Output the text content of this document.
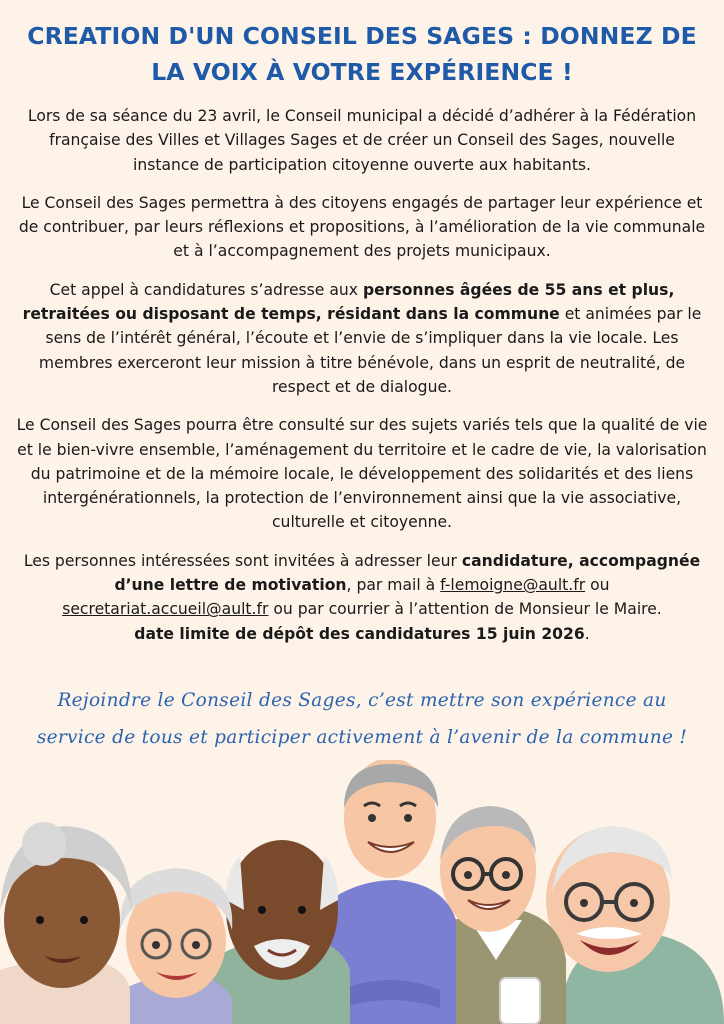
CREATION D'UN CONSEIL DES SAGES : DONNEZ DE LA VOIX À VOTRE EXPÉRIENCE !

Lors de sa séance du 23 avril, le Conseil municipal a décidé d’adhérer à la Fédération française des Villes et Villages Sages et de créer un Conseil des Sages, nouvelle instance de participation citoyenne ouverte aux habitants.

Le Conseil des Sages permettra à des citoyens engagés de partager leur expérience et de contribuer, par leurs réflexions et propositions, à l’amélioration de la vie communale et à l’accompagnement des projets municipaux.

Cet appel à candidatures s’adresse aux personnes âgées de 55 ans et plus, retraitées ou disposant de temps, résidant dans la commune et animées par le sens de l’intérêt général, l’écoute et l’envie de s’impliquer dans la vie locale. Les membres exerceront leur mission à titre bénévole, dans un esprit de neutralité, de respect et de dialogue.

Le Conseil des Sages pourra être consulté sur des sujets variés tels que la qualité de vie et le bien-vivre ensemble, l’aménagement du territoire et le cadre de vie, la valorisation du patrimoine et de la mémoire locale, le développement des solidarités et des liens intergénérationnels, la protection de l’environnement ainsi que la vie associative, culturelle et citoyenne.

Les personnes intéressées sont invitées à adresser leur candidature, accompagnée d’une lettre de motivation, par mail à f-lemoigne@ault.fr ou secretariat.accueil@ault.fr ou par courrier à l’attention de Monsieur le Maire.
date limite de dépôt des candidatures 15 juin 2026.

Rejoindre le Conseil des Sages, c’est mettre son expérience au service de tous et participer activement à l’avenir de la commune !
